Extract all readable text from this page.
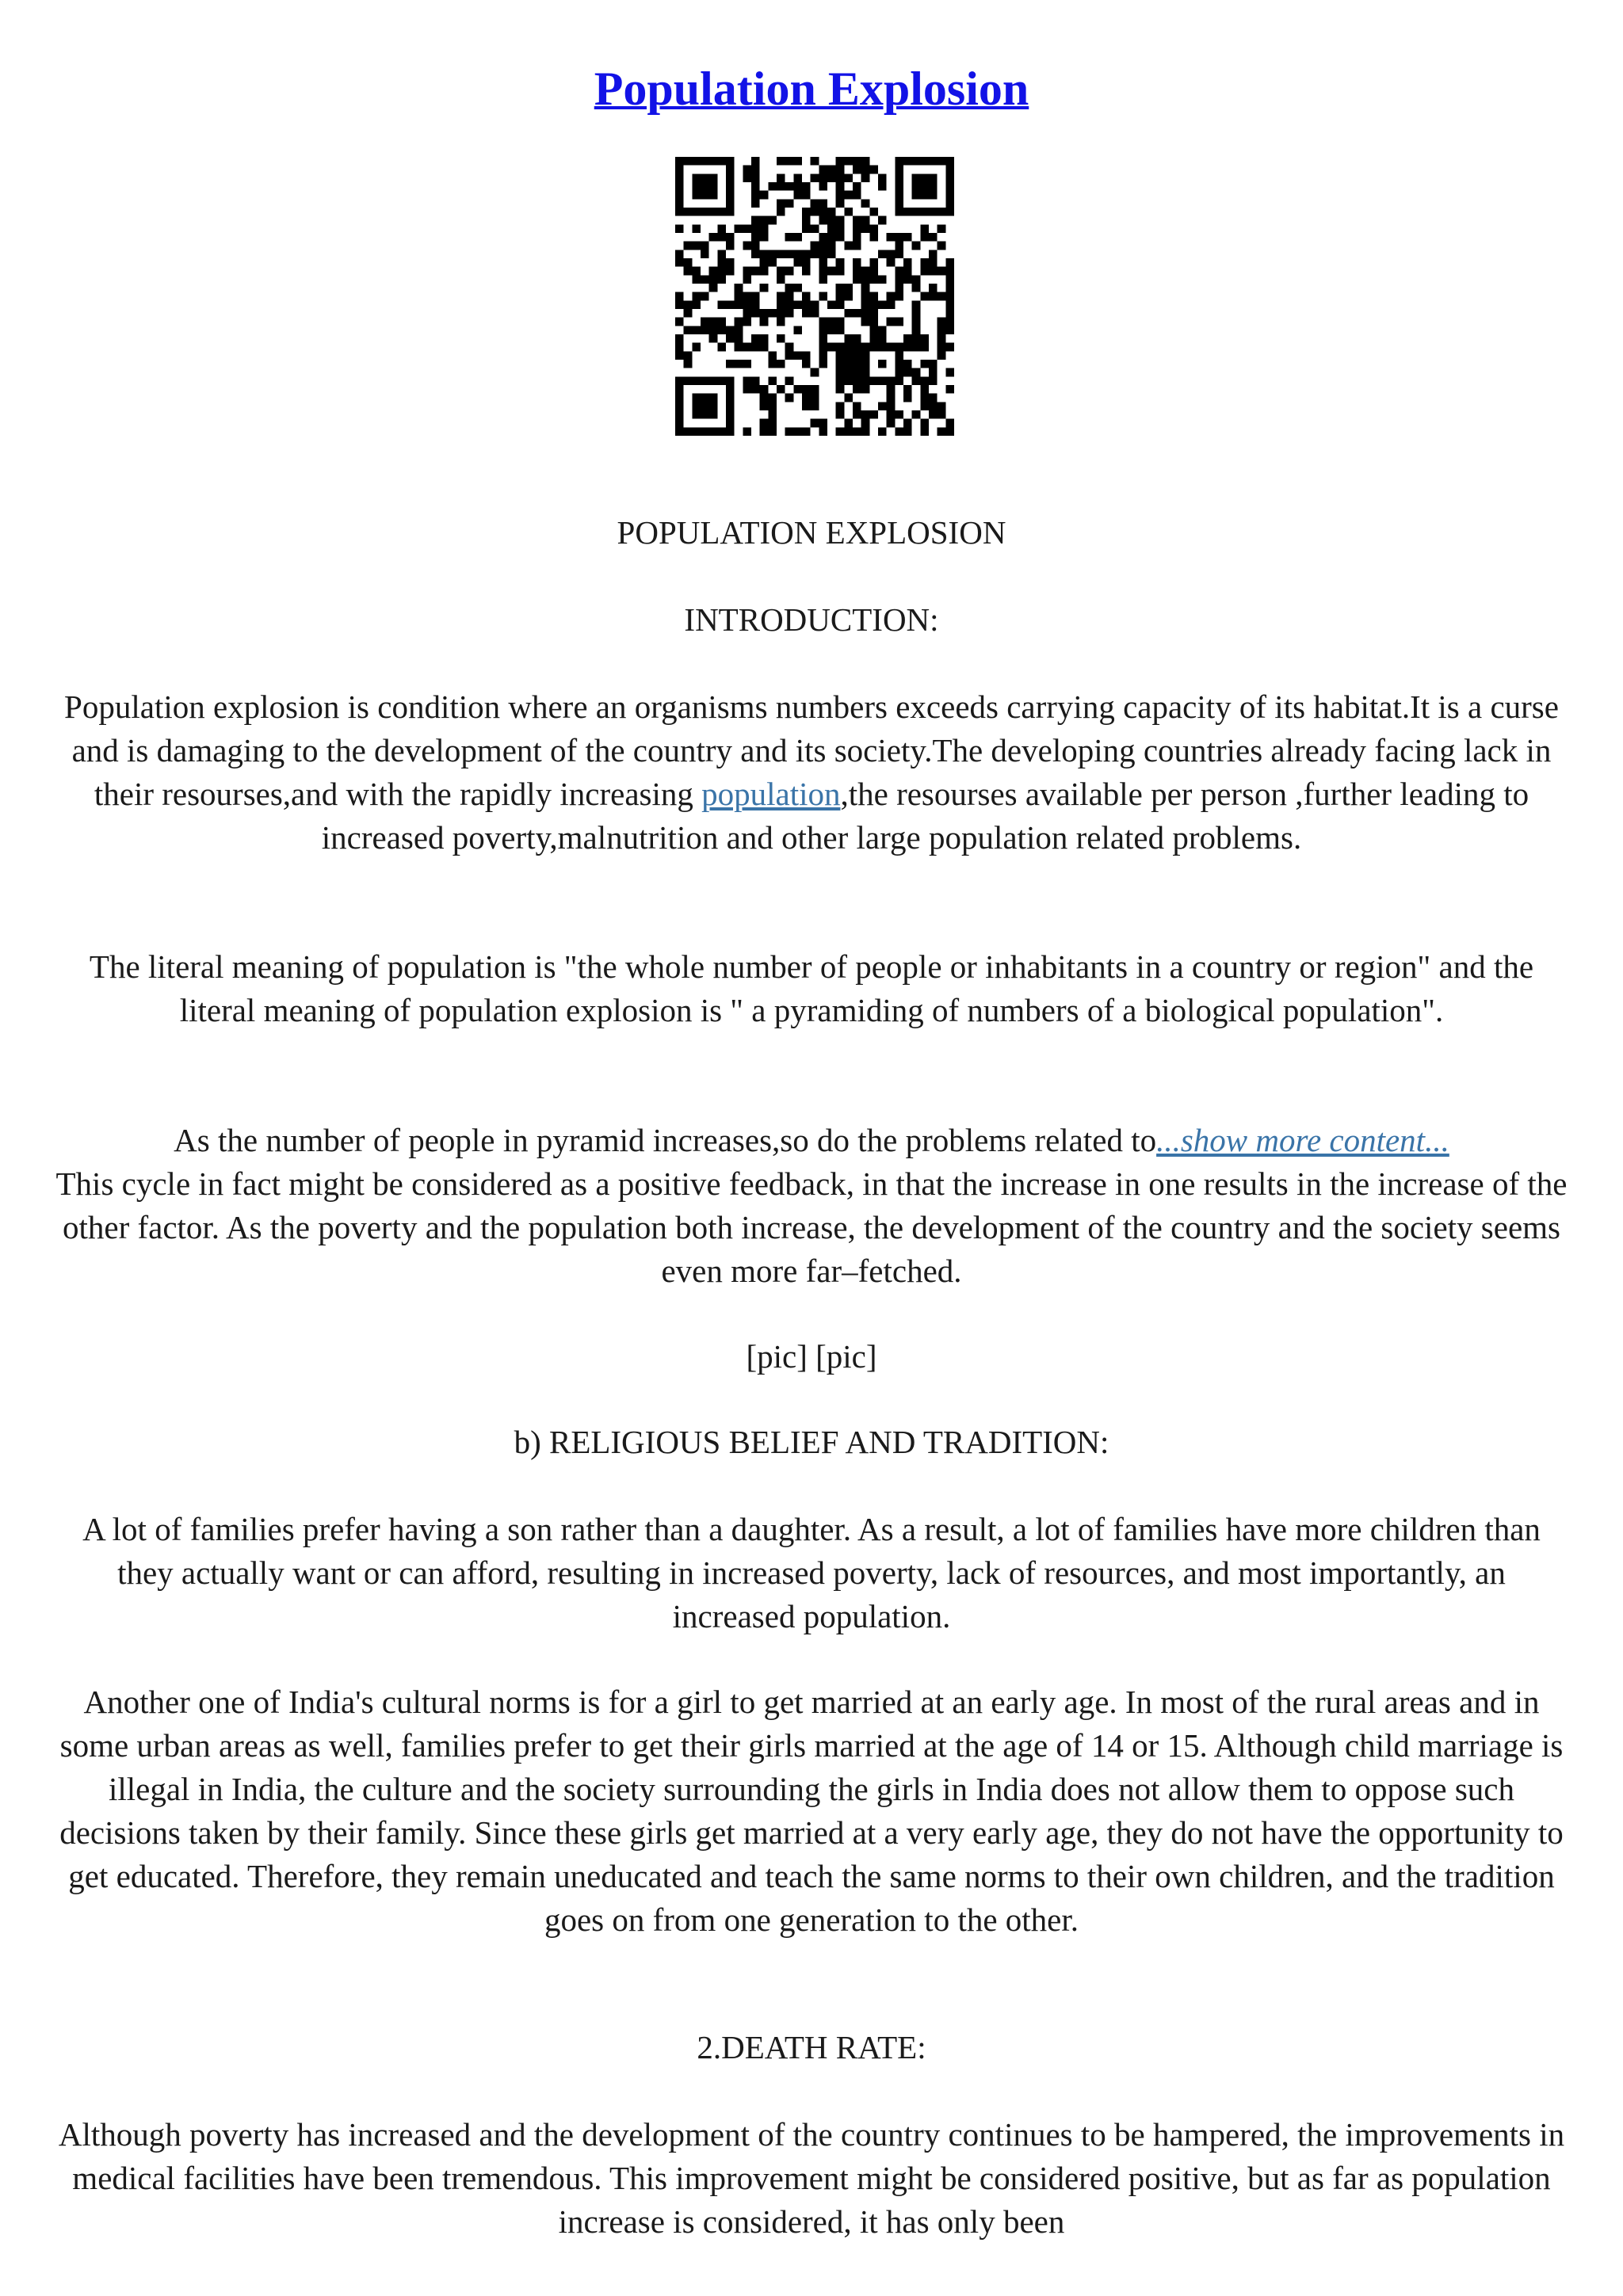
Population Explosion

POPULATION EXPLOSION

INTRODUCTION:

Population explosion is condition where an organisms numbers exceeds carrying capacity of its habitat.It is a curse and is damaging to the development of the country and its society.The developing countries already facing lack in their resourses,and with the rapidly increasing population,the resourses available per person ,further leading to increased poverty,malnutrition and other large population related problems.

The literal meaning of population is "the whole number of people or inhabitants in a country or region" and the literal meaning of population explosion is " a pyramiding of numbers of a biological population".

As the number of people in pyramid increases,so do the problems related to...show more content...
This cycle in fact might be considered as a positive feedback, in that the increase in one results in the increase of the other factor. As the poverty and the population both increase, the development of the country and the society seems even more far–fetched.

[pic] [pic]

b) RELIGIOUS BELIEF AND TRADITION:

A lot of families prefer having a son rather than a daughter. As a result, a lot of families have more children than they actually want or can afford, resulting in increased poverty, lack of resources, and most importantly, an increased population.

Another one of India's cultural norms is for a girl to get married at an early age. In most of the rural areas and in some urban areas as well, families prefer to get their girls married at the age of 14 or 15. Although child marriage is illegal in India, the culture and the society surrounding the girls in India does not allow them to oppose such decisions taken by their family. Since these girls get married at a very early age, they do not have the opportunity to get educated. Therefore, they remain uneducated and teach the same norms to their own children, and the tradition goes on from one generation to the other.

2.DEATH RATE:

Although poverty has increased and the development of the country continues to be hampered, the improvements in medical facilities have been tremendous. This improvement might be considered positive, but as far as population increase is considered, it has only been
